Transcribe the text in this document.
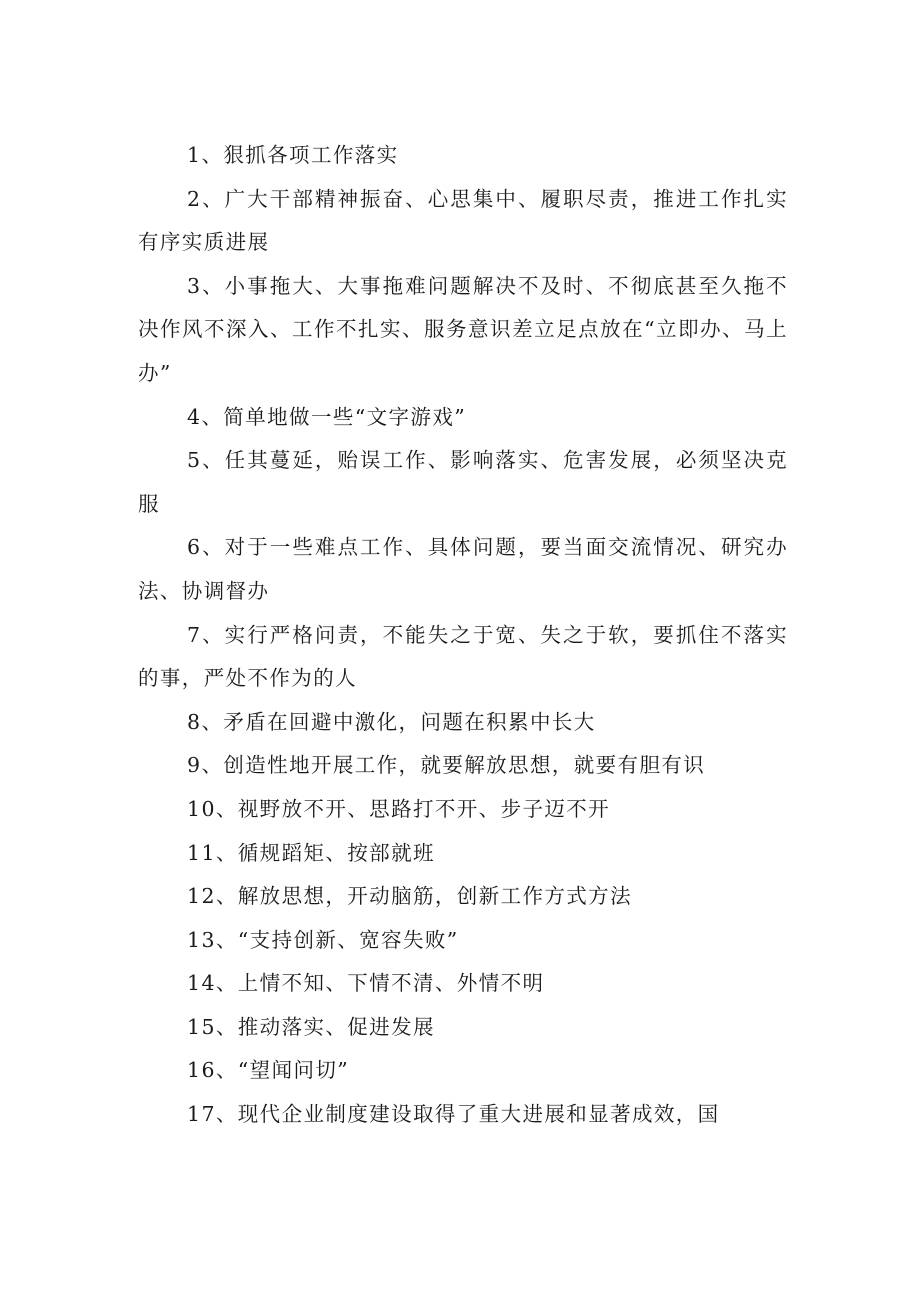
1、狠抓各项工作落实

2、广大干部精神振奋、心思集中、履职尽责，推进工作扎实有序实质进展

3、小事拖大、大事拖难问题解决不及时、不彻底甚至久拖不决作风不深入、工作不扎实、服务意识差立足点放在“立即办、马上办”

4、简单地做一些“文字游戏”

5、任其蔓延，贻误工作、影响落实、危害发展，必须坚决克服

6、对于一些难点工作、具体问题，要当面交流情况、研究办法、协调督办

7、实行严格问责，不能失之于宽、失之于软，要抓住不落实的事，严处不作为的人

8、矛盾在回避中激化，问题在积累中长大

9、创造性地开展工作，就要解放思想，就要有胆有识

10、视野放不开、思路打不开、步子迈不开

11、循规蹈矩、按部就班

12、解放思想，开动脑筋，创新工作方式方法

13、“支持创新、宽容失败”

14、上情不知、下情不清、外情不明

15、推动落实、促进发展

16、“望闻问切”

17、现代企业制度建设取得了重大进展和显著成效，国
